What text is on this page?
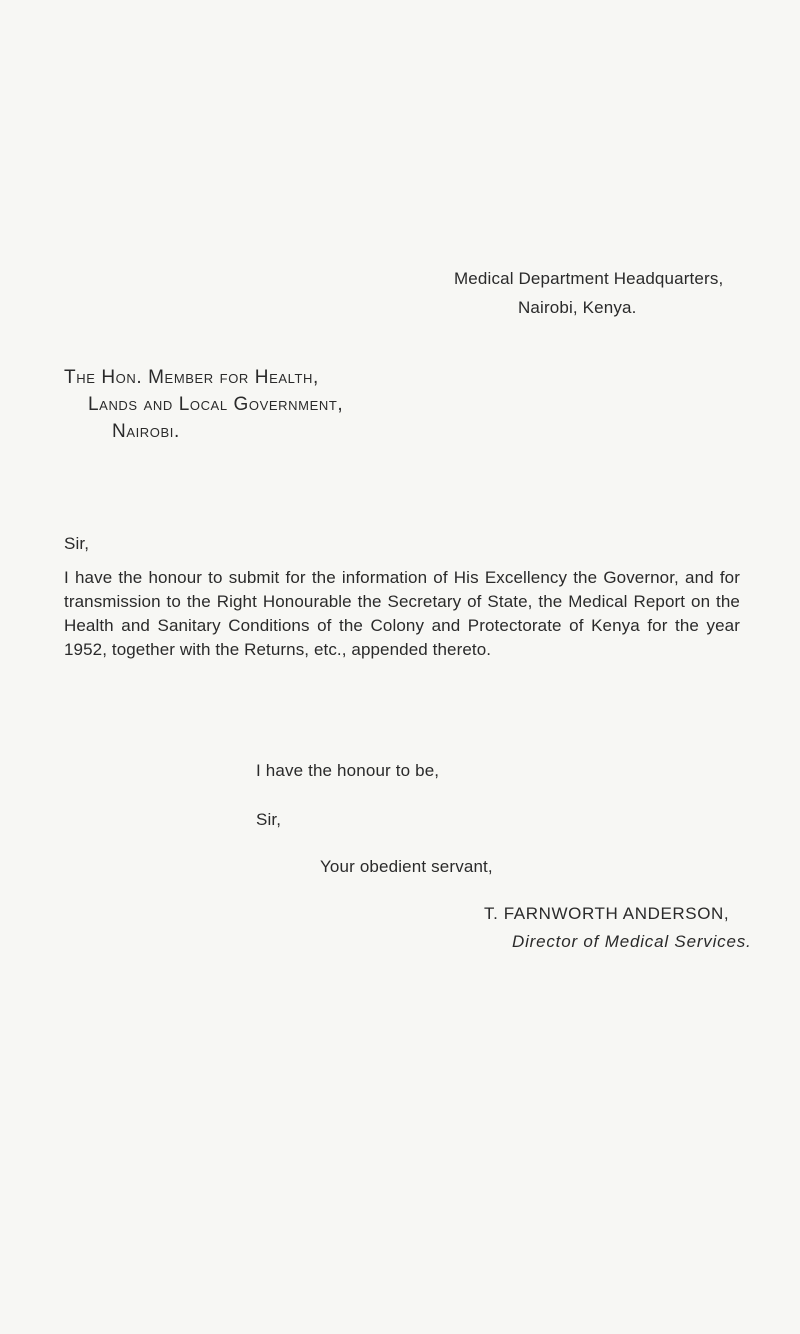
Medical Department Headquarters,
Nairobi, Kenya.
The Hon. Member for Health,
Lands and Local Government,
Nairobi.
Sir,
I have the honour to submit for the information of His Excellency the Governor, and for transmission to the Right Honourable the Secretary of State, the Medical Report on the Health and Sanitary Conditions of the Colony and Protectorate of Kenya for the year 1952, together with the Returns, etc., appended thereto.
I have the honour to be,
Sir,
Your obedient servant,
T. FARNWORTH ANDERSON,
Director of Medical Services.
